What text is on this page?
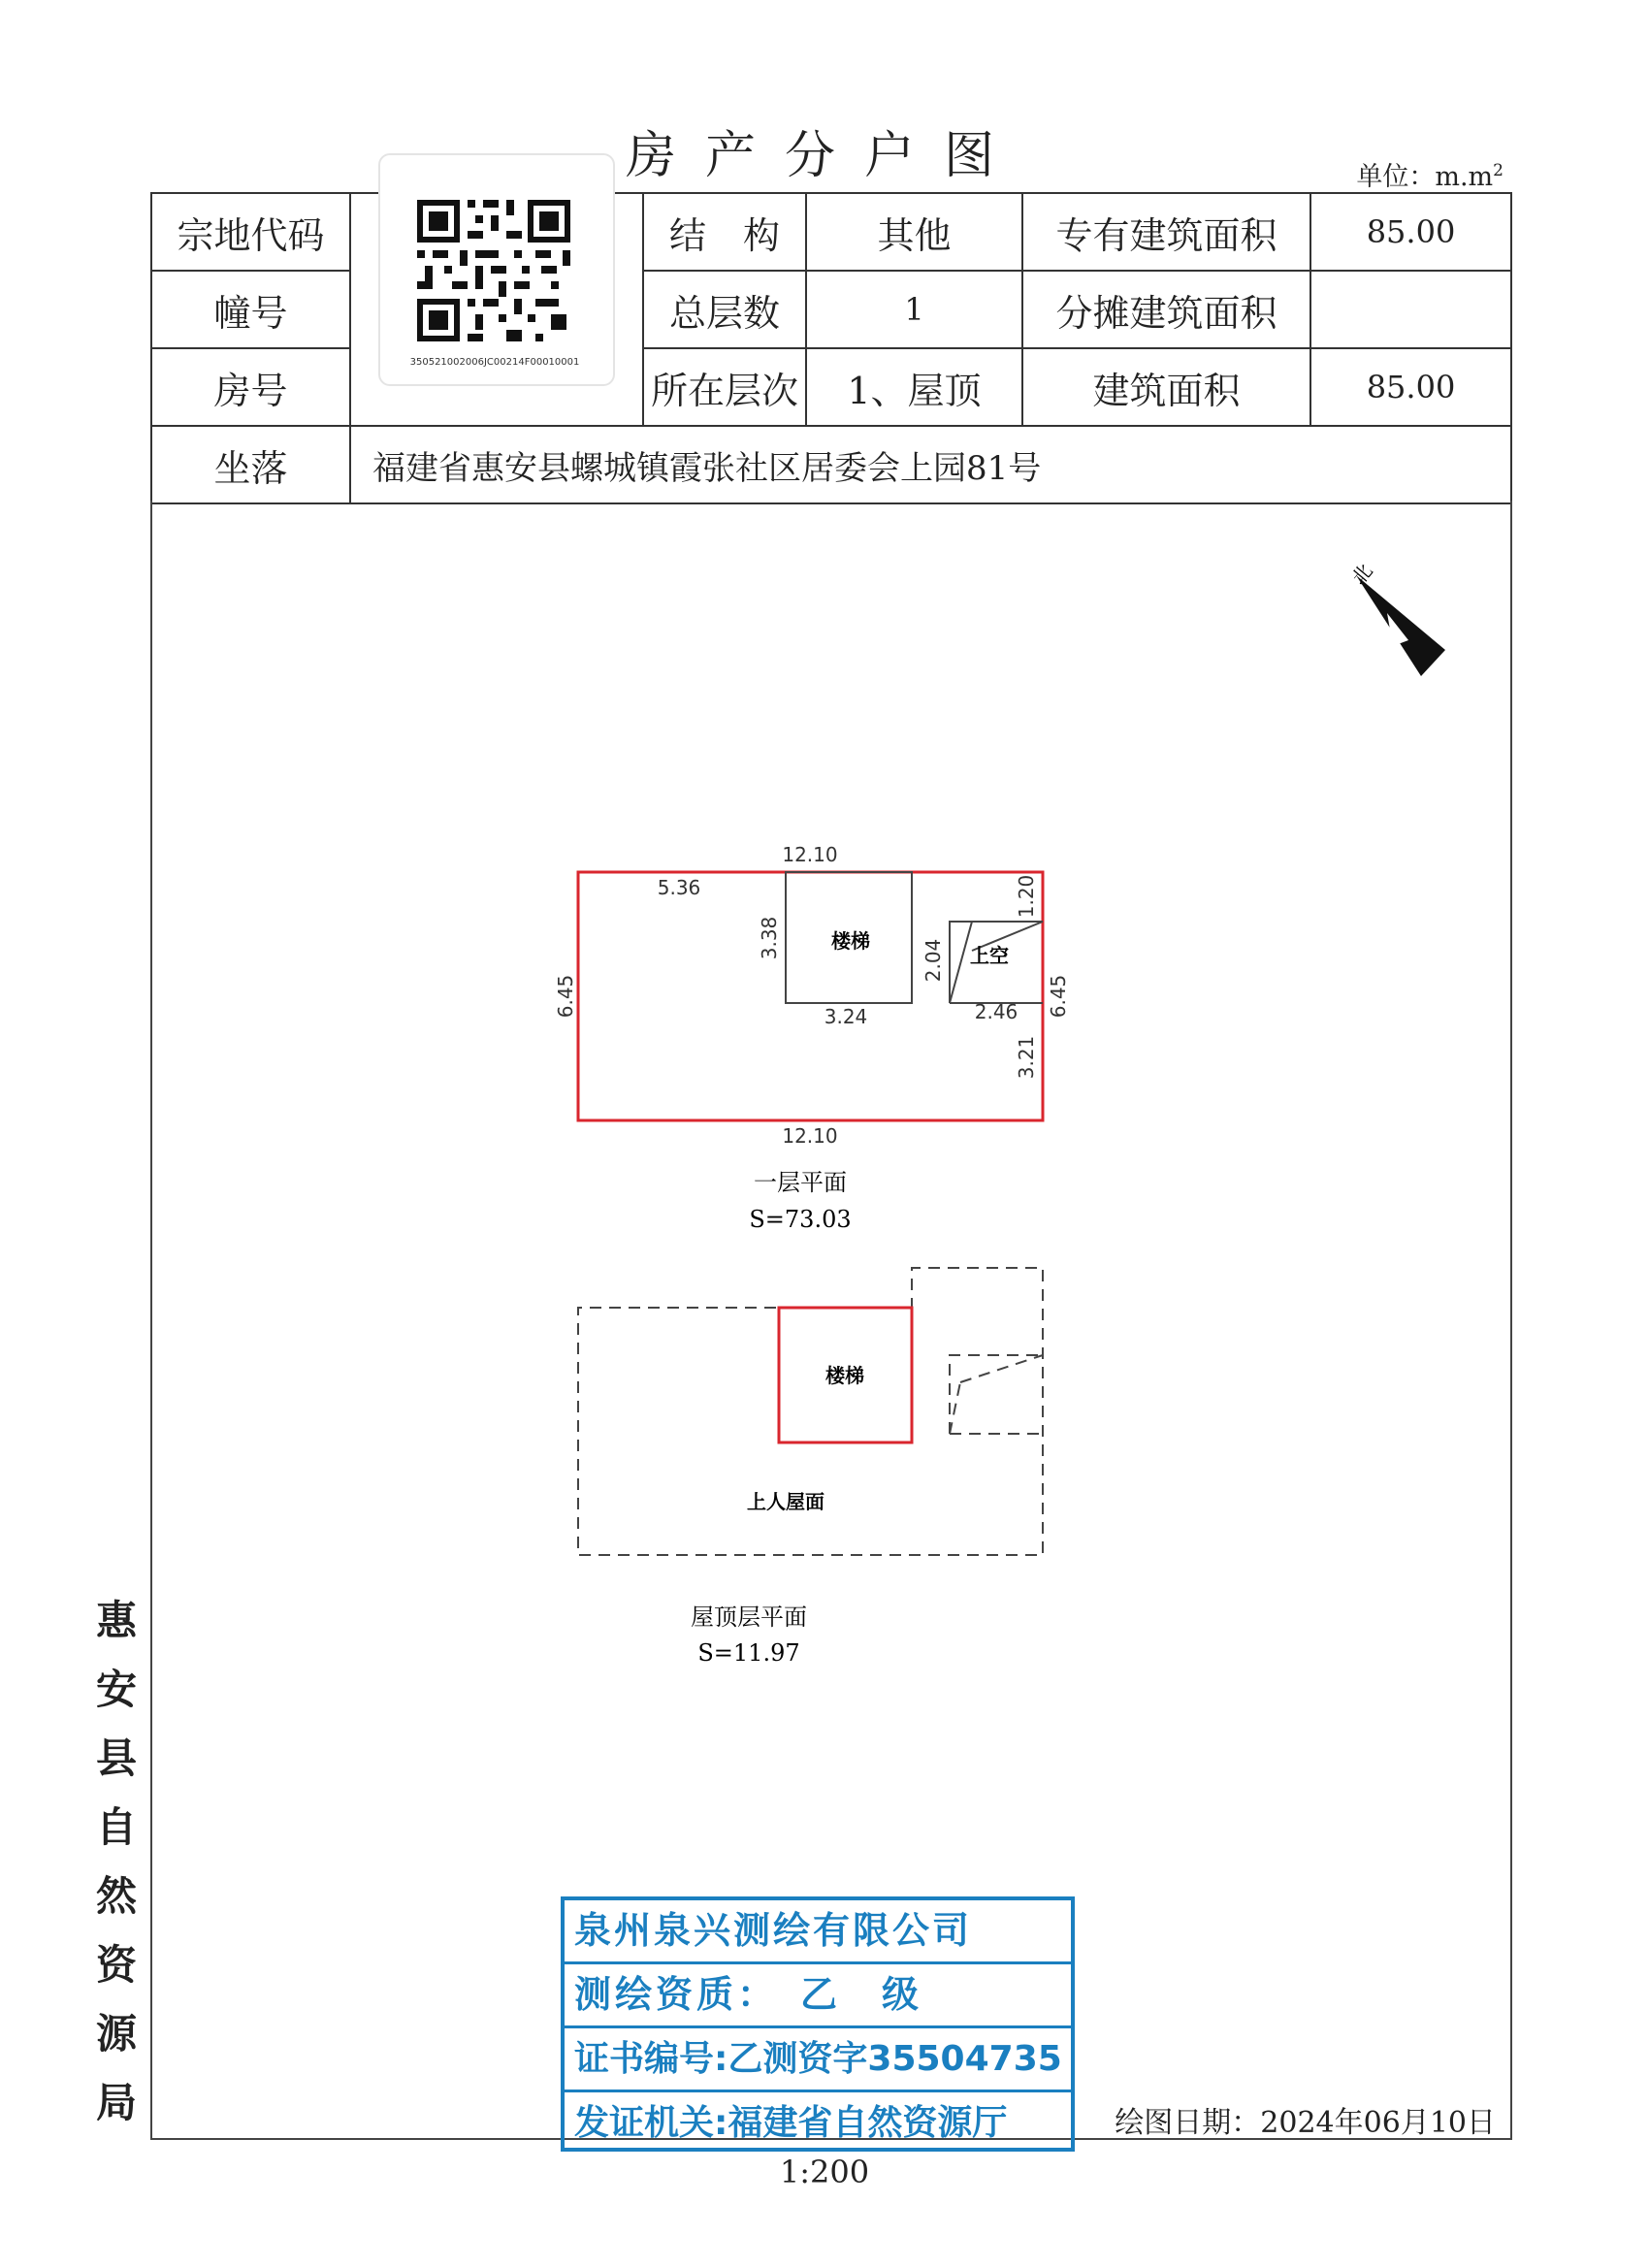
房产分户图	单位：$m.m^2$
宗地代码		结　构	其他	专有建筑面积	85.00
幢号		总层数	1	分摊建筑面积	
房号		所在层次	1、屋顶	建筑面积	85.00
坐落	福建省惠安县螺城镇霞张社区居委会上园81号				
350521002006JC00214F00010001
北
12.10
5.36
12.10
6.45	6.45
3.38
3.24
2.04
2.46
1.20
3.21
楼梯
上空
一层平面
S=73.03
楼梯
上人屋面
屋顶层平面
S=11.97
惠
安
县
自
然
资
源
局
泉州泉兴测绘有限公司
测绘资质：　乙　级
证书编号:乙测资字35504735
发证机关:福建省自然资源厅	绘图日期：2024年06月10日
1:200
